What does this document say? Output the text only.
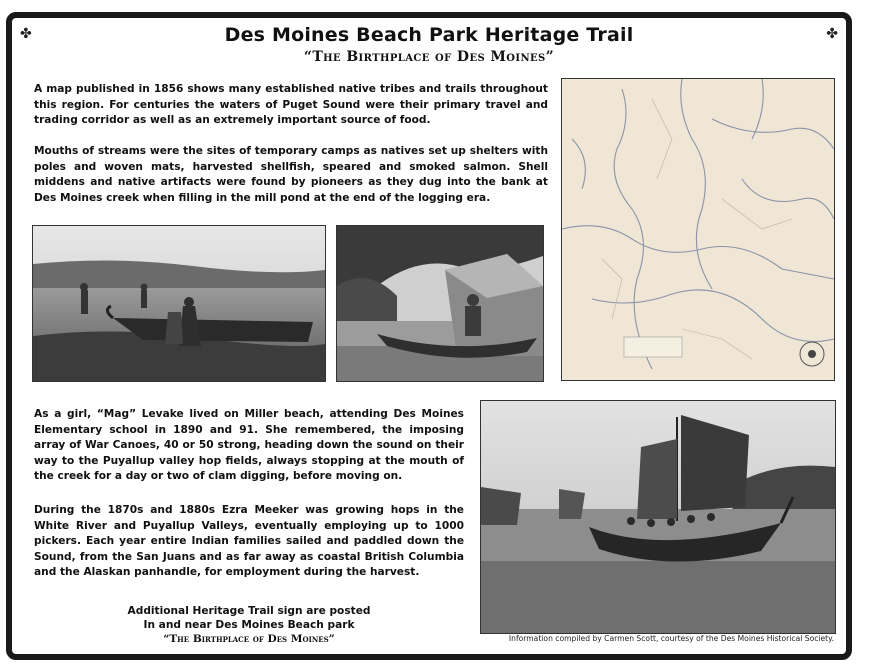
✤	✤
Des Moines Beach Park Heritage Trail
“The Birthplace of Des Moines”

A map published in 1856 shows many established native tribes and trails throughout this region. For centuries the waters of Puget Sound were their primary travel and trading corridor as well as an extremely important source of food.

Mouths of streams were the sites of temporary camps as natives set up shelters with poles and woven mats, harvested shellfish, speared and smoked salmon. Shell middens and native artifacts were found by pioneers as they dug into the bank at Des Moines creek when filling in the mill pond at the end of the logging era.

As a girl, “Mag” Levake lived on Miller beach, attending Des Moines Elementary school in 1890 and 91. She remembered, the imposing array of War Canoes, 40 or 50 strong, heading down the sound on their way to the Puyallup valley hop fields, always stopping at the mouth of the creek for a day or two of clam digging, before moving on.

During the 1870s and 1880s Ezra Meeker was growing hops in the White River and Puyallup Valleys, eventually employing up to 1000 pickers. Each year entire Indian families sailed and paddled down the Sound, from the San Juans and as far away as coastal British Columbia and the Alaskan panhandle, for employment during the harvest.

Additional Heritage Trail sign are posted
In and near Des Moines Beach park
“The Birthplace of Des Moines”	Information compiled by Carmen Scott, courtesy of the Des Moines Historical Society.
